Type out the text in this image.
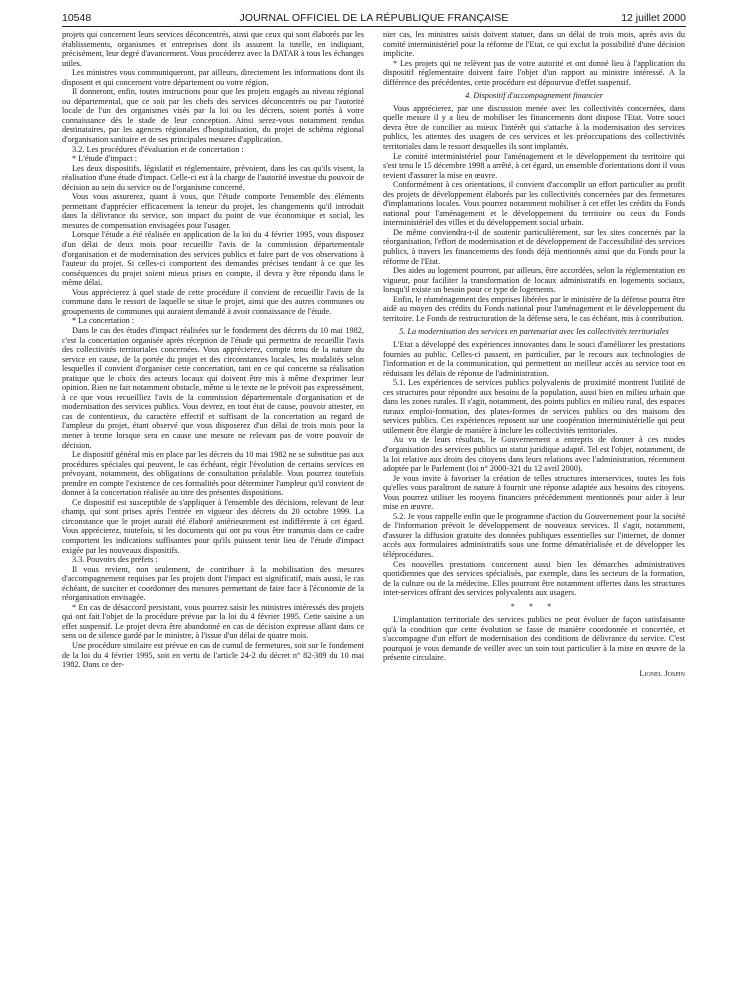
10548	JOURNAL OFFICIEL DE LA RÉPUBLIQUE FRANÇAISE	12 juillet 2000

projets qui concernent leurs services déconcentrés, ainsi que ceux qui sont élaborés par les établissements, organismes et entreprises dont ils assurent la tutelle, en indiquant, précisément, leur degré d'avancement. Vous procéderez avec la DATAR à tous les échanges utiles.

Les ministres vous communiqueront, par ailleurs, directement les informations dont ils disposent et qui concernent votre département ou votre région.

Il donneront, enfin, toutes instructions pour que les projets engagés au niveau régional ou départemental, que ce soit par les chefs des services déconcentrés ou par l'autorité locale de l'un des organismes visés par la loi ou les décrets, soient portés à votre connaissance dès le stade de leur conception. Ainsi serez-vous notamment rendus destinataires, par les agences régionales d'hospitalisation, du projet de schéma régional d'organisation sanitaire et de ses principales mesures d'application.

3.2. Les procédures d'évaluation et de concertation :

* L'étude d'impact :

Les deux dispositifs, législatif et réglementaire, prévoient, dans les cas qu'ils visent, la réalisation d'une étude d'impact. Celle-ci est à la charge de l'autorité investue du pouvoir de décision au sein du service ou de l'organisme concerné.

Vous vous assurerez, quant à vous, que l'étude comporte l'ensemble des éléments permettant d'apprécier efficacement la teneur du projet, les changements qu'il introduit dans la délivrance du service, son impact du point de vue économique et social, les mesures de compensation envisagées pour l'usager.

Lorsque l'étude a été réalisée en application de la loi du 4 février 1995, vous disposez d'un délai de deux mois pour recueillir l'avis de la commission départementale d'organisation et de modernisation des services publics et faire part de vos observations à l'auteur du projet. Si celles-ci comportent des demandes précises tendant à ce que les conséquences du projet soient mieux prises en compte, il devra y être répondu dans le même délai.

Vous apprécierez à quel stade de cette procédure il convient de recueillir l'avis de la commune dans le ressort de laquelle se situe le projet, ainsi que des autres communes ou groupements de communes qui auraient demandé à avoir connaissance de l'étude.

* La concertation :

Dans le cas des études d'impact réalisées sur le fondement des décrets du 10 mai 1982, c'est la concertation organisée après réception de l'étude qui permettra de recueillir l'avis des collectivités territoriales concernées. Vous apprécierez, compte tenu de la nature du service en cause, de la portée du projet et des circonstances locales, les modalités selon lesquelles il convient d'organiser cette concertation, tant en ce qui concerne sa réalisation pratique que le choix des acteurs locaux qui doivent être mis à même d'exprimer leur opinion. Rien ne fait notamment obstacle, même si le texte ne le prévoit pas expressément, à ce que vous recueilliez l'avis de la commission départementale d'organisation et de modernisation des services publics. Vous devrez, en tout état de cause, pouvoir attester, en cas de contentieux, du caractère effectif et suffisant de la concertation au regard de l'ampleur du projet, étant observé que vous disposerez d'un délai de trois mois pour la mener à terme lorsque sera en cause une mesure ne relevant pas de votre pouvoir de décision.

Le dispositif général mis en place par les décrets du 10 mai 1982 ne se substitue pas aux procédures spéciales qui peuvent, le cas échéant, régir l'évolution de certains services en prévoyant, notamment, des obligations de consultation préalable. Vous pourrez toutefois prendre en compte l'existence de ces formalités pour déterminer l'ampleur qu'il convient de donner à la concertation réalisée au titre des présentes dispositions.

Ce dispositif est susceptible de s'appliquer à l'ensemble des décisions, relevant de leur champ, qui sont prises après l'entrée en vigueur des décrets du 20 octobre 1999. La circonstance que le projet aurait été élaboré antérieurement est indifférente à cet égard. Vous apprécierez, toutefois, si les documents qui ont pu vous être transmis dans ce cadre comportent les indications suffisantes pour qu'ils puissent tenir lieu de l'étude d'impact exigée par les nouveaux dispositifs.

3.3. Pouvoirs des préfets :

Il vous revient, non seulement, de contribuer à la mobilisation des mesures d'accompagnement requises par les projets dont l'impact est significatif, mais aussi, le cas échéant, de susciter et coordonner des mesures permettant de faire face à l'économie de la réorganisation envisagée.

* En cas de désaccord persistant, vous pourrez saisir les ministres intéressés des projets qui ont fait l'objet de la procédure prévue par la loi du 4 février 1995. Cette saisine a un effet suspensif. Le projet devra être abandonné en cas de décision expresse allant dans ce sens ou de silence gardé par le ministre, à l'issue d'un délai de quatre mois.

Une procédure similaire est prévue en cas de cumul de fermetures, soit sur le fondement de la loi du 4 février 1995, soit en vertu de l'article 24-2 du décret n° 82-389 du 10 mai 1982. Dans ce der-

nier cas, les ministres saisis doivent statuer, dans un délai de trois mois, après avis du comité interministériel pour la réforme de l'Etat, ce qui exclut la possibilité d'une décision implicite.

* Les projets qui ne relèvent pas de votre autorité et ont donné lieu à l'application du dispositif réglementaire doivent faire l'objet d'un rapport au ministre intéressé. A la différence des précédentes, cette procédure est dépourvue d'effet suspensif.

4. Dispositif d'accompagnement financier

Vous apprécierez, par une discussion menée avec les collectivités concernées, dans quelle mesure il y a lieu de mobiliser les financements dont dispose l'Etat. Votre souci devra être de concilier au mieux l'intérêt qui s'attache à la modernisation des services publics, les attentes des usagers de ces services et les préoccupations des collectivités territoriales dans le ressort desquelles ils sont implantés.

Le comité interministériel pour l'aménagement et le développement du territoire qui s'est tenu le 15 décembre 1998 a arrêté, à cet égard, un ensemble d'orientations dont il vous revient d'assurer la mise en œuvre.

Conformément à ces orientations, il convient d'accomplir un effort particulier au profit des projets de développement élaborés par les collectivités concernées par des fermetures d'implantations locales. Vous pourrez notamment mobiliser à cet effet les crédits du Fonds national pour l'aménagement et le développement du territoire ou ceux du Fonds interministériel des villes et du développement social urbain.

De même conviendra-t-il de soutenir particulièrement, sur les sites concernés par la réorganisation, l'effort de modernisation et de développement de l'accessibilité des services publics, à travers les financements des fonds déjà mentionnés ainsi que du Fonds pour la réforme de l'Etat.

Des aides au logement pourront, par ailleurs, être accordées, selon la réglementation en vigueur, pour faciliter la transformation de locaux administratifs en logements sociaux, lorsqu'il existe un besoin pour ce type de logements.

Enfin, le réaménagement des emprises libérées par le ministère de la défense pourra être aidé au moyen des crédits du Fonds national pour l'aménagement et le développement du territoire. Le Fonds de restructuration de la défense sera, le cas échéant, mis à contribution.

5. La modernisation des services en partenariat avec les collectivités territoriales

L'Etat a développé des expériences innovantes dans le souci d'améliorer les prestations fournies au public. Celles-ci passent, en particulier, par le recours aux technologies de l'information et de la communication, qui permettent un meilleur accès au service tout en réduisant les délais de réponse de l'administration.

5.1. Les expériences de services publics polyvalents de proximité montrent l'utilité de ces structures pour répondre aux besoins de la population, aussi bien en milieu urbain que dans les zones rurales. Il s'agit, notamment, des points publics en milieu rural, des espaces ruraux emploi-formation, des plates-formes de services publics ou des maisons des services publics. Ces expériences reposent sur une coopération interministérielle qui peut utilement être élargie de manière à inclure les collectivités territoriales.

Au vu de leurs résultats, le Gouvernement a entrepris de donner à ces modes d'organisation des services publics un statut juridique adapté. Tel est l'objet, notamment, de la loi relative aux droits des citoyens dans leurs relations avec l'administration, récemment adoptée par le Parlement (loi n° 2000-321 du 12 avril 2000).

Je vous invite à favoriser la création de telles structures interservices, toutes les fois qu'elles vous paraîtront de nature à fournir une réponse adaptée aux besoins des citoyens. Vous pourrez utiliser les moyens financiers précédemment mentionnés pour aider à leur mise en œuvre.

5.2. Je vous rappelle enfin que le programme d'action du Gouvernement pour la société de l'information prévoit le développement de nouveaux services. Il s'agit, notamment, d'assurer la diffusion gratuite des données publiques essentielles sur l'internet, de donner accès aux formulaires administratifs sous une forme dématérialisée et de développer les téléprocédures.

Ces nouvelles prestations concernent aussi bien les démarches administratives quotidiennes que des services spécialisés, par exemple, dans les secteurs de la formation, de la culture ou de la médecine. Elles pourront être notamment offertes dans les structures inter-services offrant des services polyvalents aux usagers.

* * *

L'implantation territoriale des services publics ne peut évoluer de façon satisfaisante qu'à la condition que cette évolution se fasse de manière coordonnée et concertée, et s'accompagne d'un effort de modernisation des conditions de délivrance du service. C'est pourquoi je vous demande de veiller avec un soin tout particulier à la mise en œuvre de la présente circulaire.

Lionel Jospin
